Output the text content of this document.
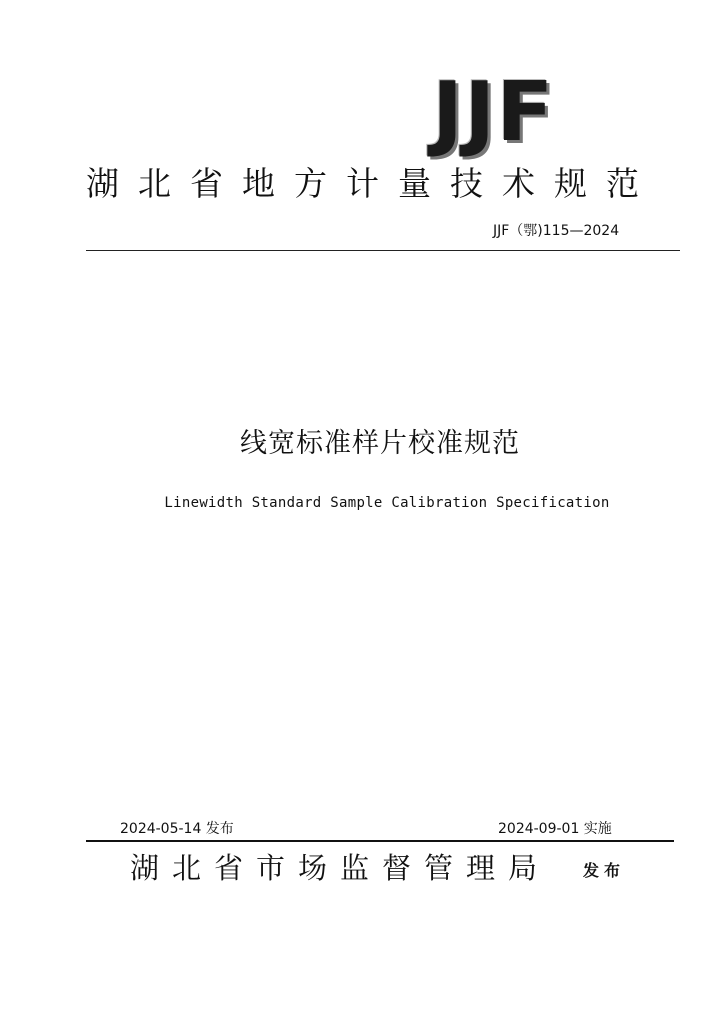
JJF
湖北省地方计量技术规范
JJF（鄂)115—2024
线宽标准样片校准规范
Linewidth Standard Sample Calibration Specification
2024-05-14 发布	2024-09-01 实施
湖北省市场监督管理局 发布
